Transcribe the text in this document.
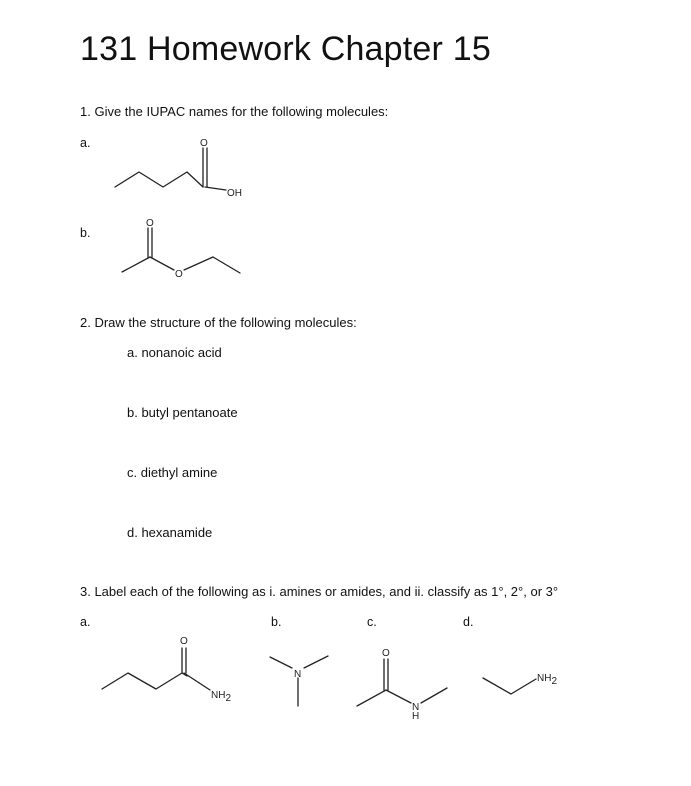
131 Homework Chapter 15
1. Give the IUPAC names for the following molecules:
a.
b.
O
OH
O
O
2. Draw the structure of the following molecules:
a. nonanoic acid
b. butyl pentanoate
c. diethyl amine
d. hexanamide
3. Label each of the following as i. amines or amides, and ii. classify as 1°, 2°, or 3°
a.	b.	c.	d.
O
NH2
N
O
N
H
NH2
